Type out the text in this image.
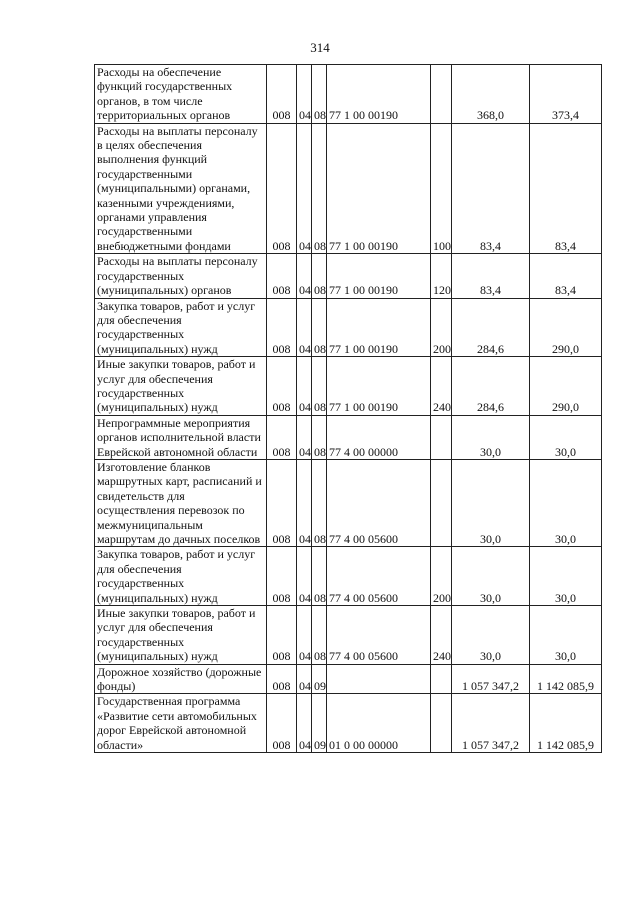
314
Расходы на обеспечение функций государственных органов, в том числе территориальных органов	008	04	08	77 1 00 00190		368,0	373,4
Расходы на выплаты персоналу в целях обеспечения выполнения функций государственными (муниципальными) органами, казенными учреждениями, органами управления государственными внебюджетными фондами	008	04	08	77 1 00 00190	100	83,4	83,4
Расходы на выплаты персоналу государственных (муниципальных) органов	008	04	08	77 1 00 00190	120	83,4	83,4
Закупка товаров, работ и услуг для обеспечения государственных (муниципальных) нужд	008	04	08	77 1 00 00190	200	284,6	290,0
Иные закупки товаров, работ и услуг для обеспечения государственных (муниципальных) нужд	008	04	08	77 1 00 00190	240	284,6	290,0
Непрограммные мероприятия органов исполнительной власти Еврейской автономной области	008	04	08	77 4 00 00000		30,0	30,0
Изготовление бланков маршрутных карт, расписаний и свидетельств для осуществления перевозок по межмуниципальным маршрутам до дачных поселков	008	04	08	77 4 00 05600		30,0	30,0
Закупка товаров, работ и услуг для обеспечения государственных (муниципальных) нужд	008	04	08	77 4 00 05600	200	30,0	30,0
Иные закупки товаров, работ и услуг для обеспечения государственных (муниципальных) нужд	008	04	08	77 4 00 05600	240	30,0	30,0
Дорожное хозяйство (дорожные фонды)	008	04	09			1 057 347,2	1 142 085,9
Государственная программа «Развитие сети автомобильных дорог Еврейской автономной области»	008	04	09	01 0 00 00000		1 057 347,2	1 142 085,9
